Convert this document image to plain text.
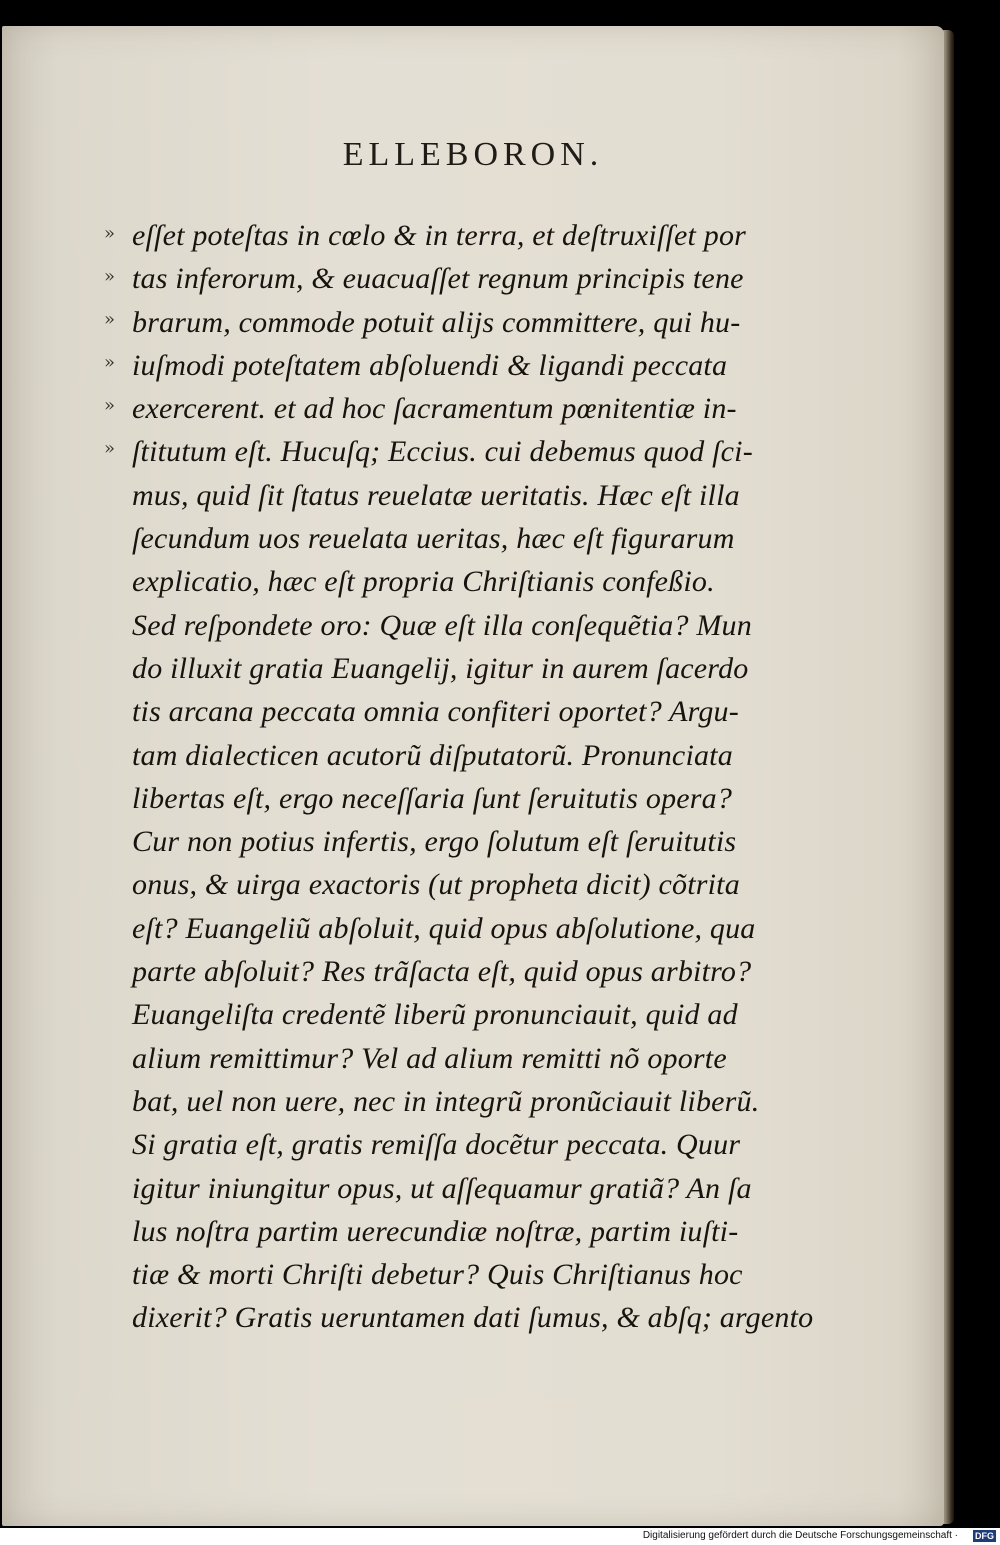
ELLEBORON.
»
»
»
»
»
»
eſſet poteſtas in cœlo & in terra, et deſtruxiſſet por
tas inferorum, & euacuaſſet regnum principis tene
brarum, commode potuit alijs committere, qui hu-
iuſmodi poteſtatem abſoluendi & ligandi peccata
exercerent. et ad hoc ſacramentum pœnitentiæ in-
ſtitutum eſt. Hucuſq; Eccius. cui debemus quod ſci-
mus, quid ſit ſtatus reuelatæ ueritatis. Hæc eſt illa
ſecundum uos reuelata ueritas, hæc eſt figurarum
explicatio, hæc eſt propria Chriſtianis confeßio.
Sed reſpondete oro: Quæ eſt illa conſequẽtia? Mun
do illuxit gratia Euangelij, igitur in aurem ſacerdo
tis arcana peccata omnia confiteri oportet? Argu-
tam dialecticen acutorũ diſputatorũ. Pronunciata
libertas eſt, ergo neceſſaria ſunt ſeruitutis opera?
Cur non potius infertis, ergo ſolutum eſt ſeruitutis
onus, & uirga exactoris (ut propheta dicit) cõtrita
eſt? Euangeliũ abſoluit, quid opus abſolutione, qua
parte abſoluit? Res trãſacta eſt, quid opus arbitro?
Euangeliſta credentẽ liberũ pronunciauit, quid ad
alium remittimur? Vel ad alium remitti nõ oporte
bat, uel non uere, nec in integrũ pronũciauit liberũ.
Si gratia eſt, gratis remiſſa docẽtur peccata. Quur
igitur iniungitur opus, ut aſſequamur gratiã? An ſa
lus noſtra partim uerecundiæ noſtræ, partim iuſti-
tiæ & morti Chriſti debetur? Quis Chriſtianus hoc
dixerit? Gratis ueruntamen dati ſumus, & abſq; argento
Digitalisierung gefördert durch die Deutsche Forschungsgemeinschaft · DFG
